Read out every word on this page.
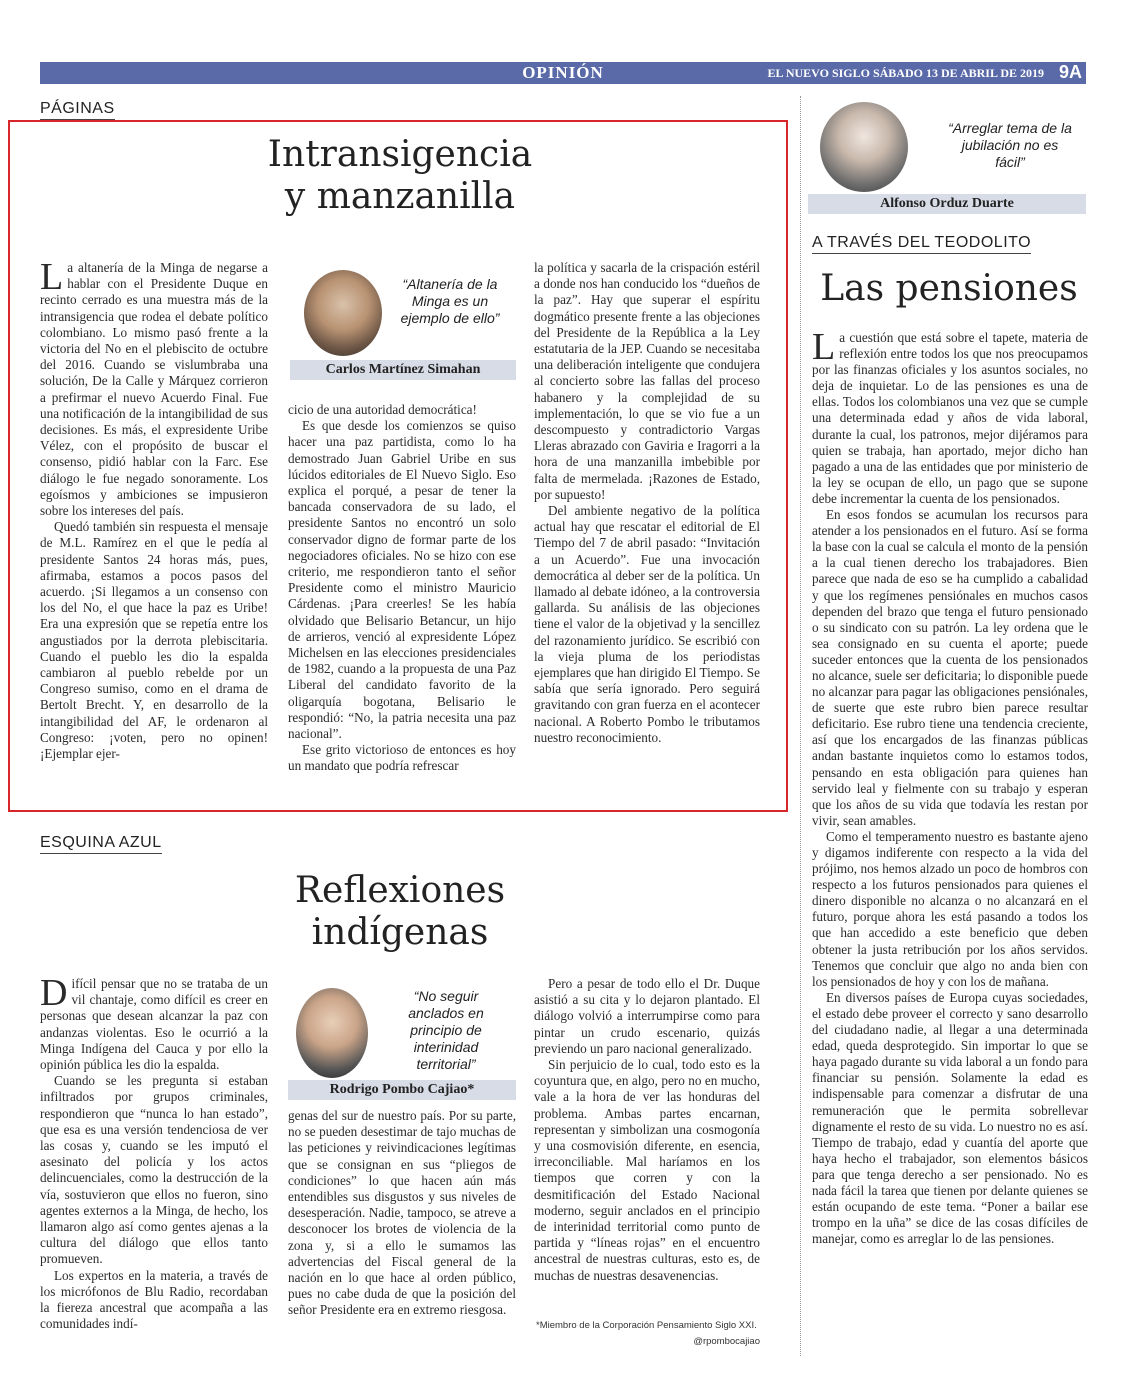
OPINIÓN	EL NUEVO SIGLO SÁBADO 13 DE ABRIL DE 2019 9A
PÁGINAS
Intransigencia
y manzanilla

La altanería de la Minga de negarse a hablar con el Presidente Duque en recinto cerrado es una muestra más de la intransigencia que rodea el debate político colombiano. Lo mismo pasó frente a la victoria del No en el plebiscito de octubre del 2016. Cuando se vislumbraba una solución, De la Calle y Márquez corrieron a prefirmar el nuevo Acuerdo Final. Fue una notificación de la intangibilidad de sus decisiones. Es más, el expresidente Uribe Vélez, con el propósito de buscar el consenso, pidió hablar con la Farc. Ese diálogo le fue negado sonoramente. Los egoísmos y ambiciones se impusieron sobre los intereses del país.

Quedó también sin respuesta el mensaje de M.L. Ramírez en el que le pedía al presidente Santos 24 horas más, pues, afirmaba, estamos a pocos pasos del acuerdo. ¡Si llegamos a un consenso con los del No, el que hace la paz es Uribe! Era una expresión que se repetía entre los angustiados por la derrota plebiscitaria. Cuando el pueblo les dio la espalda cambiaron al pueblo rebelde por un Congreso sumiso, como en el drama de Bertolt Brecht. Y, en desarrollo de la intangibilidad del AF, le ordenaron al Congreso: ¡voten, pero no opinen! ¡Ejemplar ejer-

“Altanería de la Minga es un ejemplo de ello”
Carlos Martínez Simahan

cicio de una autoridad democrática!

Es que desde los comienzos se quiso hacer una paz partidista, como lo ha demostrado Juan Gabriel Uribe en sus lúcidos editoriales de El Nuevo Siglo. Eso explica el porqué, a pesar de tener la bancada conservadora de su lado, el presidente Santos no encontró un solo conservador digno de formar parte de los negociadores oficiales. No se hizo con ese criterio, me respondieron tanto el señor Presidente como el ministro Mauricio Cárdenas. ¡Para creerles! Se les había olvidado que Belisario Betancur, un hijo de arrieros, venció al expresidente López Michelsen en las elecciones presidenciales de 1982, cuando a la propuesta de una Paz Liberal del candidato favorito de la oligarquía bogotana, Belisario le respondió: “No, la patria necesita una paz nacional”.

Ese grito victorioso de entonces es hoy un mandato que podría refrescar

la política y sacarla de la crispación estéril a donde nos han conducido los “dueños de la paz”. Hay que superar el espíritu dogmático presente frente a las objeciones del Presidente de la República a la Ley estatutaria de la JEP. Cuando se necesitaba una deliberación inteligente que condujera al concierto sobre las fallas del proceso habanero y la complejidad de su implementación, lo que se vio fue a un descompuesto y contradictorio Vargas Lleras abrazado con Gaviria e Iragorri a la hora de una manzanilla imbebible por falta de mermelada. ¡Razones de Estado, por supuesto!

Del ambiente negativo de la política actual hay que rescatar el editorial de El Tiempo del 7 de abril pasado: “Invitación a un Acuerdo”. Fue una invocación democrática al deber ser de la política. Un llamado al debate idóneo, a la controversia gallarda. Su análisis de las objeciones tiene el valor de la objetivad y la sencillez del razonamiento jurídico. Se escribió con la vieja pluma de los periodistas ejemplares que han dirigido El Tiempo. Se sabía que sería ignorado. Pero seguirá gravitando con gran fuerza en el acontecer nacional. A Roberto Pombo le tributamos nuestro reconocimiento.

ESQUINA AZUL
Reflexiones
indígenas

Difícil pensar que no se trataba de un vil chantaje, como difícil es creer en personas que desean alcanzar la paz con andanzas violentas. Eso le ocurrió a la Minga Indígena del Cauca y por ello la opinión pública les dio la espalda.

Cuando se les pregunta si estaban infiltrados por grupos criminales, respondieron que “nunca lo han estado”, que esa es una versión tendenciosa de ver las cosas y, cuando se les imputó el asesinato del policía y los actos delincuenciales, como la destrucción de la vía, sostuvieron que ellos no fueron, sino agentes externos a la Minga, de hecho, los llamaron algo así como gentes ajenas a la cultura del diálogo que ellos tanto promueven.

Los expertos en la materia, a través de los micrófonos de Blu Radio, recordaban la fiereza ancestral que acompaña a las comunidades indí-

“No seguir anclados en principio de interinidad territorial”
Rodrigo Pombo Cajiao*

genas del sur de nuestro país. Por su parte, no se pueden desestimar de tajo muchas de las peticiones y reivindicaciones legítimas que se consignan en sus “pliegos de condiciones” lo que hacen aún más entendibles sus disgustos y sus niveles de desesperación. Nadie, tampoco, se atreve a desconocer los brotes de violencia de la zona y, si a ello le sumamos las advertencias del Fiscal general de la nación en lo que hace al orden público, pues no cabe duda de que la posición del señor Presidente era en extremo riesgosa.

Pero a pesar de todo ello el Dr. Duque asistió a su cita y lo dejaron plantado. El diálogo volvió a interrumpirse como para pintar un crudo escenario, quizás previendo un paro nacional generalizado.

Sin perjuicio de lo cual, todo esto es la coyuntura que, en algo, pero no en mucho, vale a la hora de ver las honduras del problema. Ambas partes encarnan, representan y simbolizan una cosmogonía y una cosmovisión diferente, en esencia, irreconciliable. Mal haríamos en los tiempos que corren y con la desmitificación del Estado Nacional moderno, seguir anclados en el principio de interinidad territorial como punto de partida y “líneas rojas” en el encuentro ancestral de nuestras culturas, esto es, de muchas de nuestras desavenencias.

*Miembro de la Corporación Pensamiento Siglo XXI.
@rpombocajiao
“Arreglar tema de la jubilación no es fácil”
Alfonso Orduz Duarte
A TRAVÉS DEL TEODOLITO
Las pensiones

La cuestión que está sobre el tapete, materia de reflexión entre todos los que nos preocupamos por las finanzas oficiales y los asuntos sociales, no deja de inquietar. Lo de las pensiones es una de ellas. Todos los colombianos una vez que se cumple una determinada edad y años de vida laboral, durante la cual, los patronos, mejor dijéramos para quien se trabaja, han aportado, mejor dicho han pagado a una de las entidades que por ministerio de la ley se ocupan de ello, un pago que se supone debe incrementar la cuenta de los pensionados.

En esos fondos se acumulan los recursos para atender a los pensionados en el futuro. Así se forma la base con la cual se calcula el monto de la pensión a la cual tienen derecho los trabajadores. Bien parece que nada de eso se ha cumplido a cabalidad y que los regímenes pensiónales en muchos casos dependen del brazo que tenga el futuro pensionado o su sindicato con su patrón. La ley ordena que le sea consignado en su cuenta el aporte; puede suceder entonces que la cuenta de los pensionados no alcance, suele ser deficitaria; lo disponible puede no alcanzar para pagar las obligaciones pensiónales, de suerte que este rubro bien parece resultar deficitario. Ese rubro tiene una tendencia creciente, así que los encargados de las finanzas públicas andan bastante inquietos como lo estamos todos, pensando en esta obligación para quienes han servido leal y fielmente con su trabajo y esperan que los años de su vida que todavía les restan por vivir, sean amables.

Como el temperamento nuestro es bastante ajeno y digamos indiferente con respecto a la vida del prójimo, nos hemos alzado un poco de hombros con respecto a los futuros pensionados para quienes el dinero disponible no alcanza o no alcanzará en el futuro, porque ahora les está pasando a todos los que han accedido a este beneficio que deben obtener la justa retribución por los años servidos. Tenemos que concluir que algo no anda bien con los pensionados de hoy y con los de mañana.

En diversos países de Europa cuyas sociedades, el estado debe proveer el correcto y sano desarrollo del ciudadano nadie, al llegar a una determinada edad, queda desprotegido. Sin importar lo que se haya pagado durante su vida laboral a un fondo para financiar su pensión. Solamente la edad es indispensable para comenzar a disfrutar de una remuneración que le permita sobrellevar dignamente el resto de su vida. Lo nuestro no es así. Tiempo de trabajo, edad y cuantía del aporte que haya hecho el trabajador, son elementos básicos para que tenga derecho a ser pensionado. No es nada fácil la tarea que tienen por delante quienes se están ocupando de este tema. “Poner a bailar ese trompo en la uña” se dice de las cosas difíciles de manejar, como es arreglar lo de las pensiones.
